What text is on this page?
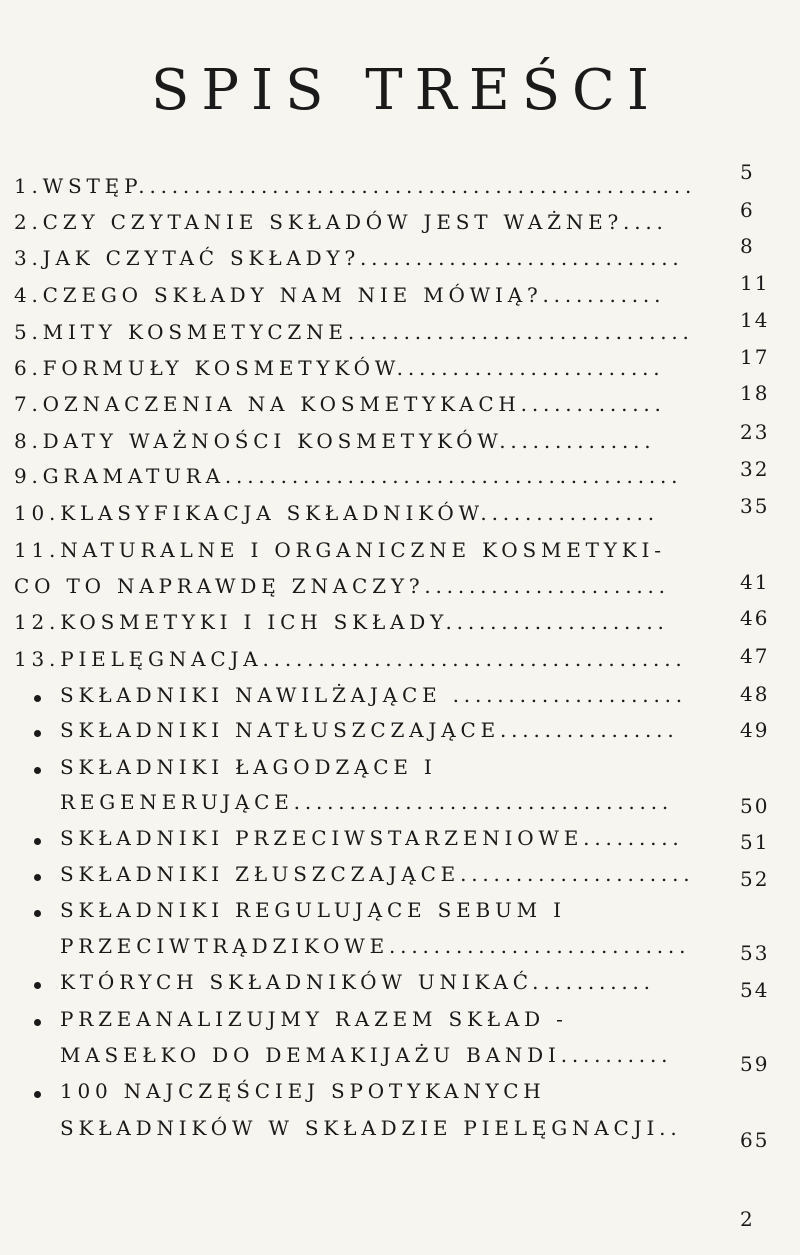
SPIS TREŚCI
1.WSTĘP..................................................
5
2.CZY CZYTANIE SKŁADÓW JEST WAŻNE?....	6
3.JAK CZYTAĆ SKŁADY?.............................	8
4.CZEGO SKŁADY NAM NIE MÓWIĄ?...........	11
5.MITY KOSMETYCZNE............................... 14
6.FORMUŁY KOSMETYKÓW........................	17
7.OZNACZENIA NA KOSMETYKACH.............	18
8.DATY WAŻNOŚCI KOSMETYKÓW..............	23
9.GRAMATURA.........................................	32
10.KLASYFIKACJA SKŁADNIKÓW................	35
11.NATURALNE I ORGANICZNE KOSMETYKI-
CO TO NAPRAWDĘ ZNACZY?......................	41
12.KOSMETYKI I ICH SKŁADY....................	46
13.PIELĘGNACJA......................................	47
SKŁADNIKI NAWILŻAJĄCE .....................	48
SKŁADNIKI NATŁUSZCZAJĄCE................	49
SKŁADNIKI ŁAGODZĄCE I
REGENERUJĄCE..................................	50
SKŁADNIKI PRZECIWSTARZENIOWE.........	51
SKŁADNIKI ZŁUSZCZAJĄCE..................... 52
SKŁADNIKI REGULUJĄCE SEBUM I
PRZECIWTRĄDZIKOWE........................... 53
KTÓRYCH SKŁADNIKÓW UNIKAĆ...........	54
PRZEANALIZUJMY RAZEM SKŁAD -
MASEŁKO DO DEMAKIJAŻU BANDI..........	59
100 NAJCZĘŚCIEJ SPOTYKANYCH
SKŁADNIKÓW W SKŁADZIE PIELĘGNACJI..	65
2
